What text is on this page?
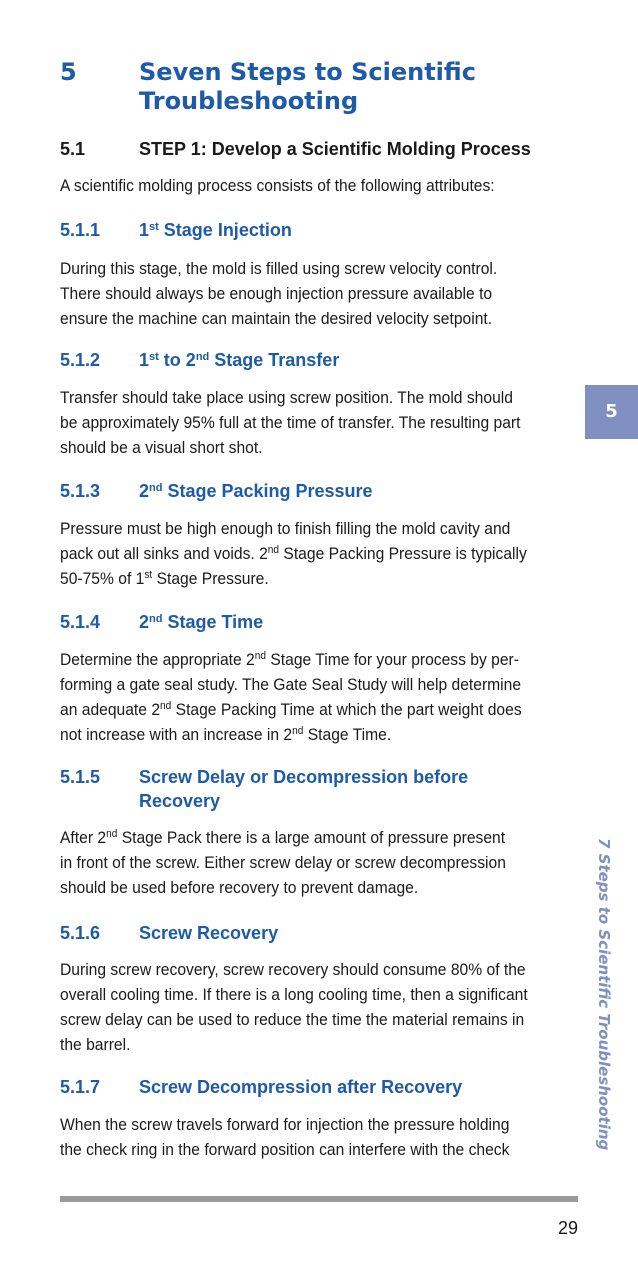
5	Seven Steps to Scientific Troubleshooting
5.1	STEP 1: Develop a Scientific Molding Process

A scientific molding process consists of the following attributes:

5.1.1 1st Stage Injection

During this stage, the mold is filled using screw velocity control.

There should always be enough injection pressure available to

ensure the machine can maintain the desired velocity setpoint.

5.1.2 1st to 2nd Stage Transfer

Transfer should take place using screw position. The mold should

be approximately 95% full at the time of transfer. The resulting part

should be a visual short shot.

5.1.3 2nd Stage Packing Pressure

Pressure must be high enough to finish filling the mold cavity and

pack out all sinks and voids. 2nd Stage Packing Pressure is typically

50-75% of 1st Stage Pressure.

5.1.4 2nd Stage Time

Determine the appropriate 2nd Stage Time for your process by per-

forming a gate seal study. The Gate Seal Study will help determine

an adequate 2nd Stage Packing Time at which the part weight does

not increase with an increase in 2nd Stage Time.

5.1.5 Screw Delay or Decompression before
Recovery

After 2nd Stage Pack there is a large amount of pressure present

in front of the screw. Either screw delay or screw decompression

should be used before recovery to prevent damage.

5.1.6 Screw Recovery

During screw recovery, screw recovery should consume 80% of the

overall cooling time. If there is a long cooling time, then a significant

screw delay can be used to reduce the time the material remains in

the barrel.

5.1.7 Screw Decompression after Recovery

When the screw travels forward for injection the pressure holding

the check ring in the forward position can interfere with the check

5
7 Steps to Scientific Troubleshooting
29
